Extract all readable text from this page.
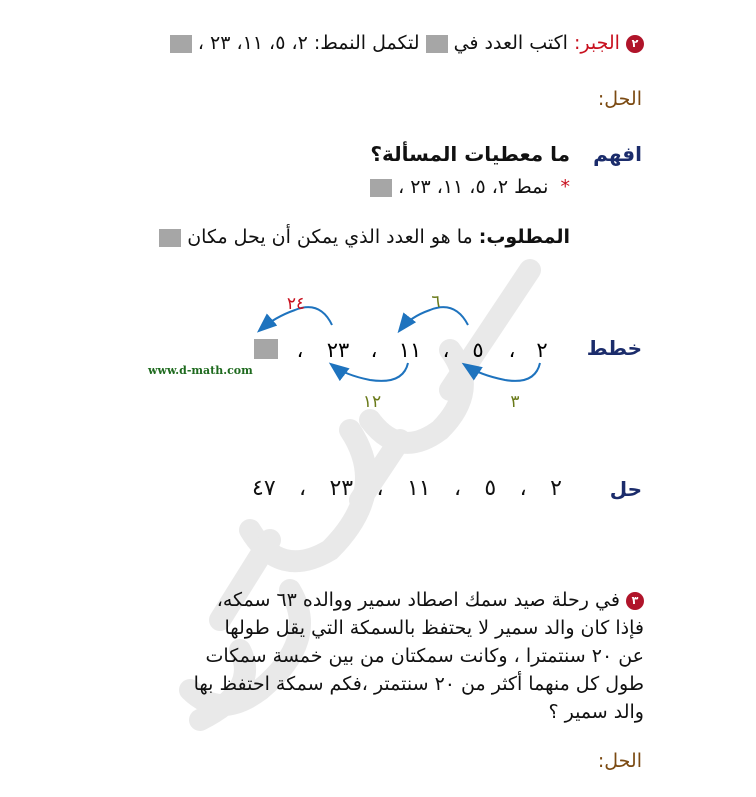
٢ الجبر: اكتب العدد في  لتكمل النمط: ٢، ٥، ١١، ٢٣ ،
الحل:
افهم
ما معطيات المسألة؟
*  نمط ٢، ٥، ١١، ٢٣ ،
المطلوب: ما هو العدد الذي يمكن أن يحل مكان
خطط
٦
٢٤
٣
١٢
٢
،
٥
،
١١
،
٢٣
،
www.d-math.com
حل
٢
،
٥
،
١١
،
٢٣
،
٤٧
٣ في رحلة صيد سمك اصطاد سمير ووالده ٦٣ سمكه،
فإذا كان والد سمير لا يحتفظ بالسمكة التي يقل طولها
عن ٢٠ سنتمترا ، وكانت سمكتان من بين خمسة سمكات
طول كل منهما أكثر من ٢٠ سنتمتر ،فكم سمكة احتفظ بها
والد سمير ؟
الحل:
